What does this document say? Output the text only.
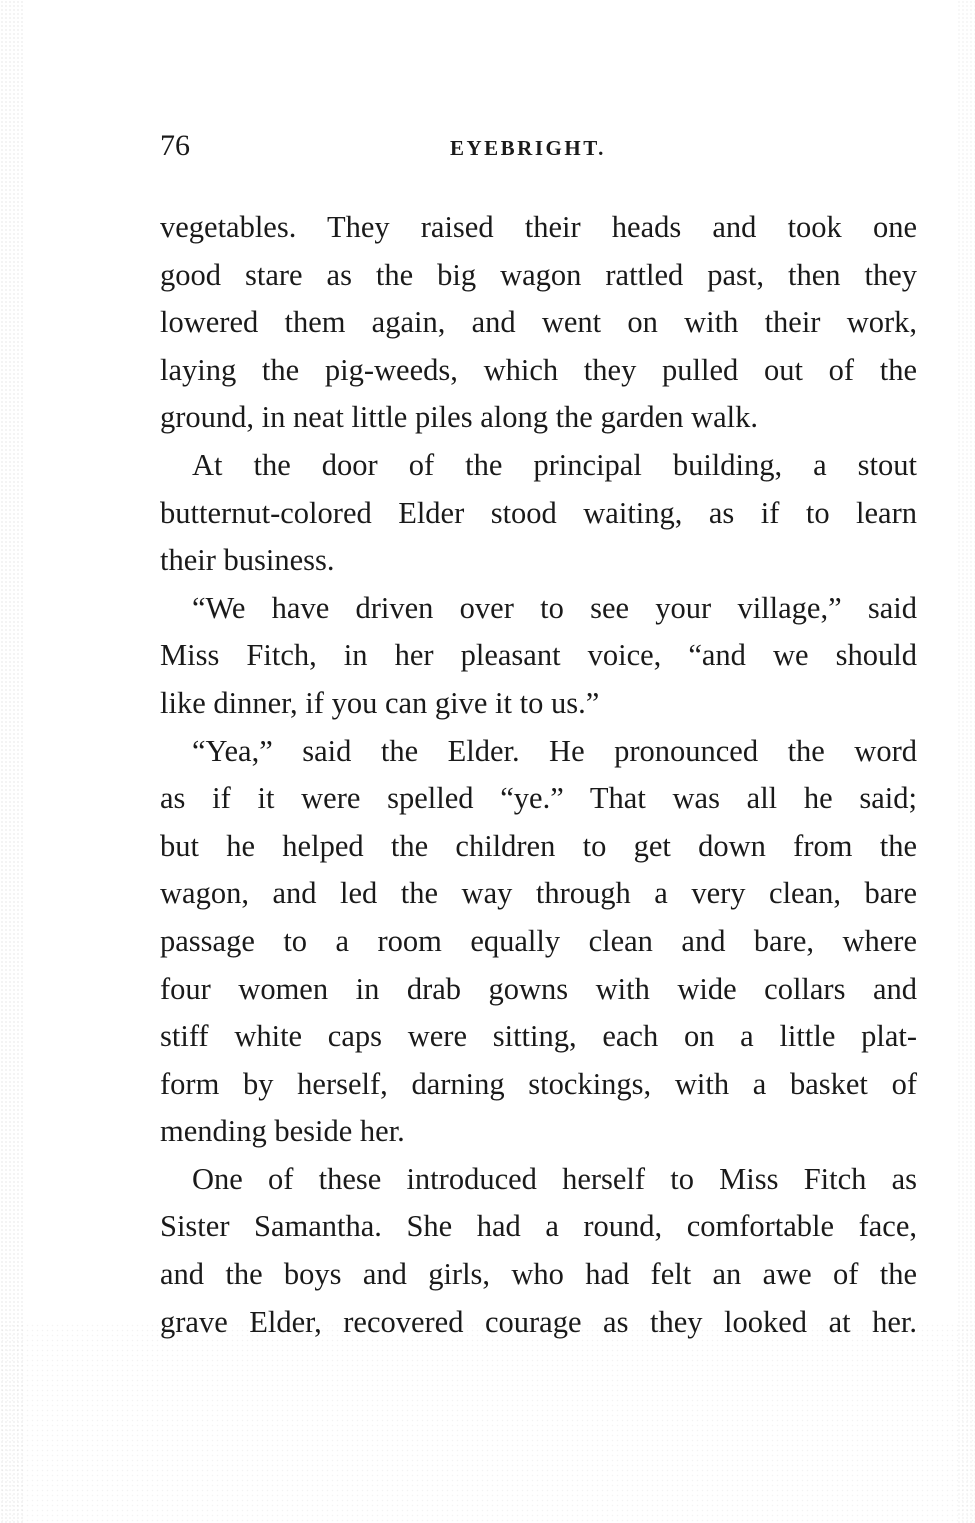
76	EYEBRIGHT.
vegetables. They raised their heads and took one
good stare as the big wagon rattled past, then they
lowered them again, and went on with their work,
laying the pig-weeds, which they pulled out of the
ground, in neat little piles along the garden walk.
At the door of the principal building, a stout
butternut-colored Elder stood waiting, as if to learn
their business.
“We have driven over to see your village,” said
Miss Fitch, in her pleasant voice, “and we should
like dinner, if you can give it to us.”
“Yea,” said the Elder. He pronounced the word
as if it were spelled “ye.” That was all he said;
but he helped the children to get down from the
wagon, and led the way through a very clean, bare
passage to a room equally clean and bare, where
four women in drab gowns with wide collars and
stiff white caps were sitting, each on a little plat-
form by herself, darning stockings, with a basket of
mending beside her.
One of these introduced herself to Miss Fitch as
Sister Samantha. She had a round, comfortable face,
and the boys and girls, who had felt an awe of the
grave Elder, recovered courage as they looked at her.
